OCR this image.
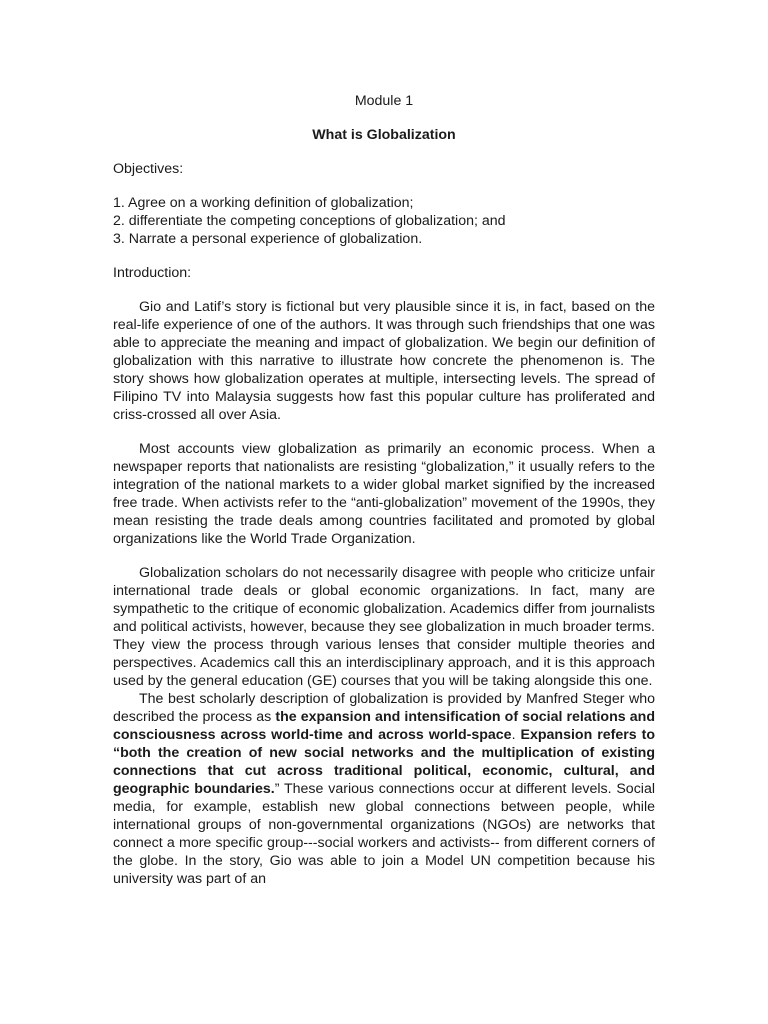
Module 1
What is Globalization
Objectives:
1. Agree on a working definition of globalization;
2. differentiate the competing conceptions of globalization; and
3. Narrate a personal experience of globalization.
Introduction:

Gio and Latif’s story is fictional but very plausible since it is, in fact, based on the real-life experience of one of the authors. It was through such friendships that one was able to appreciate the meaning and impact of globalization. We begin our definition of globalization with this narrative to illustrate how concrete the phenomenon is. The story shows how globalization operates at multiple, intersecting levels. The spread of Filipino TV into Malaysia suggests how fast this popular culture has proliferated and criss-crossed all over Asia.

Most accounts view globalization as primarily an economic process. When a newspaper reports that nationalists are resisting “globalization,” it usually refers to the integration of the national markets to a wider global market signified by the increased free trade. When activists refer to the “anti-globalization” movement of the 1990s, they mean resisting the trade deals among countries facilitated and promoted by global organizations like the World Trade Organization.

Globalization scholars do not necessarily disagree with people who criticize unfair international trade deals or global economic organizations. In fact, many are sympathetic to the critique of economic globalization. Academics differ from journalists and political activists, however, because they see globalization in much broader terms. They view the process through various lenses that consider multiple theories and perspectives. Academics call this an interdisciplinary approach, and it is this approach used by the general education (GE) courses that you will be taking alongside this one.

The best scholarly description of globalization is provided by Manfred Steger who described the process as the expansion and intensification of social relations and consciousness across world-time and across world-space. Expansion refers to “both the creation of new social networks and the multiplication of existing connections that cut across traditional political, economic, cultural, and geographic boundaries.” These various connections occur at different levels. Social media, for example, establish new global connections between people, while international groups of non-governmental organizations (NGOs) are networks that connect a more specific group---social workers and activists-- from different corners of the globe. In the story, Gio was able to join a Model UN competition because his university was part of an
